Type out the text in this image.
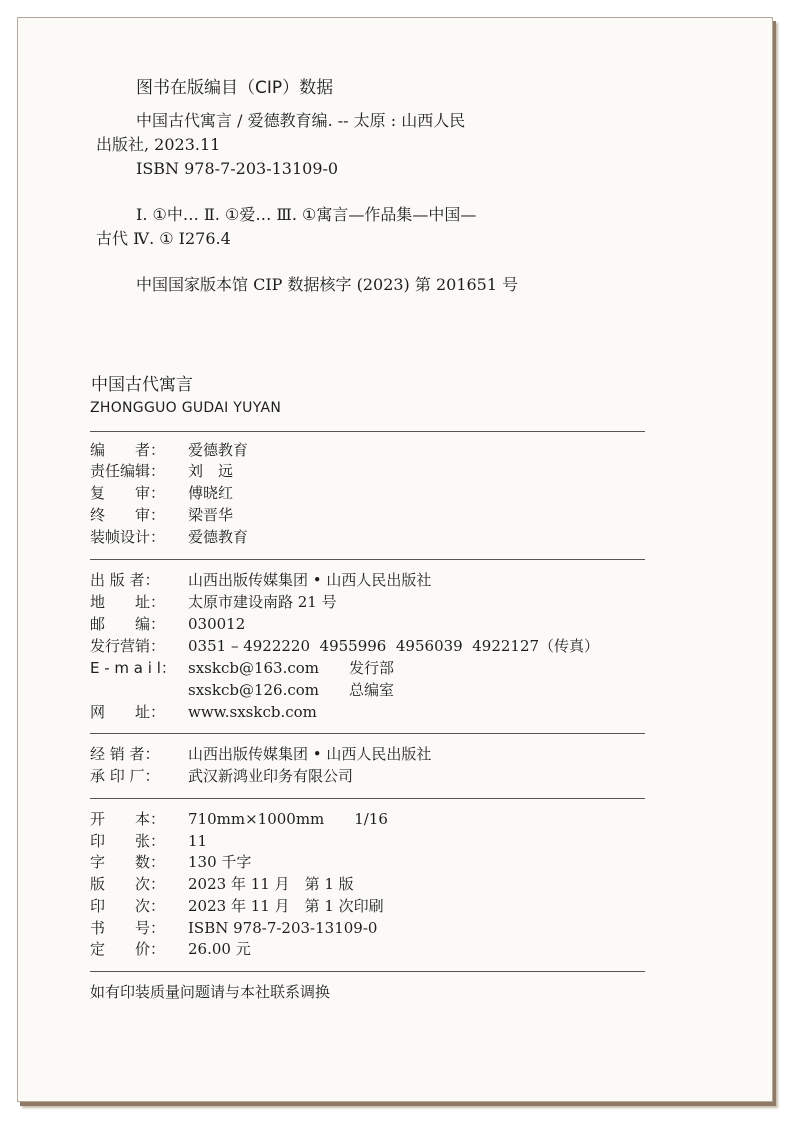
图书在版编目（CIP）数据
中国古代寓言 / 爱德教育编. -- 太原 : 山西人民
出版社, 2023.11
ISBN 978-7-203-13109-0
Ⅰ. ①中… Ⅱ. ①爱… Ⅲ. ①寓言—作品集—中国—
古代 Ⅳ. ① I276.4
中国国家版本馆 CIP 数据核字 (2023) 第 201651 号
中国古代寓言
ZHONGGUO GUDAI YUYAN
编　　者： 爱德教育
责任编辑： 刘　远
复　　审： 傅晓红
终　　审： 梁晋华
装帧设计： 爱德教育
出 版 者： 山西出版传媒集团 • 山西人民出版社
地　　址： 太原市建设南路 21 号
邮　　编： 030012
发行营销： 0351 – 4922220  4955996  4956039  4922127（传真）
E - m a i l： sxskcb@163.com　　发行部
sxskcb@126.com　　总编室
网　　址： www.sxskcb.com
经 销 者： 山西出版传媒集团 • 山西人民出版社
承 印 厂： 武汉新鸿业印务有限公司
开　　本： 710mm×1000mm　　1/16
印　　张： 11
字　　数： 130 千字
版　　次： 2023 年 11 月　第 1 版
印　　次： 2023 年 11 月　第 1 次印刷
书　　号： ISBN 978-7-203-13109-0
定　　价： 26.00 元
如有印装质量问题请与本社联系调换
